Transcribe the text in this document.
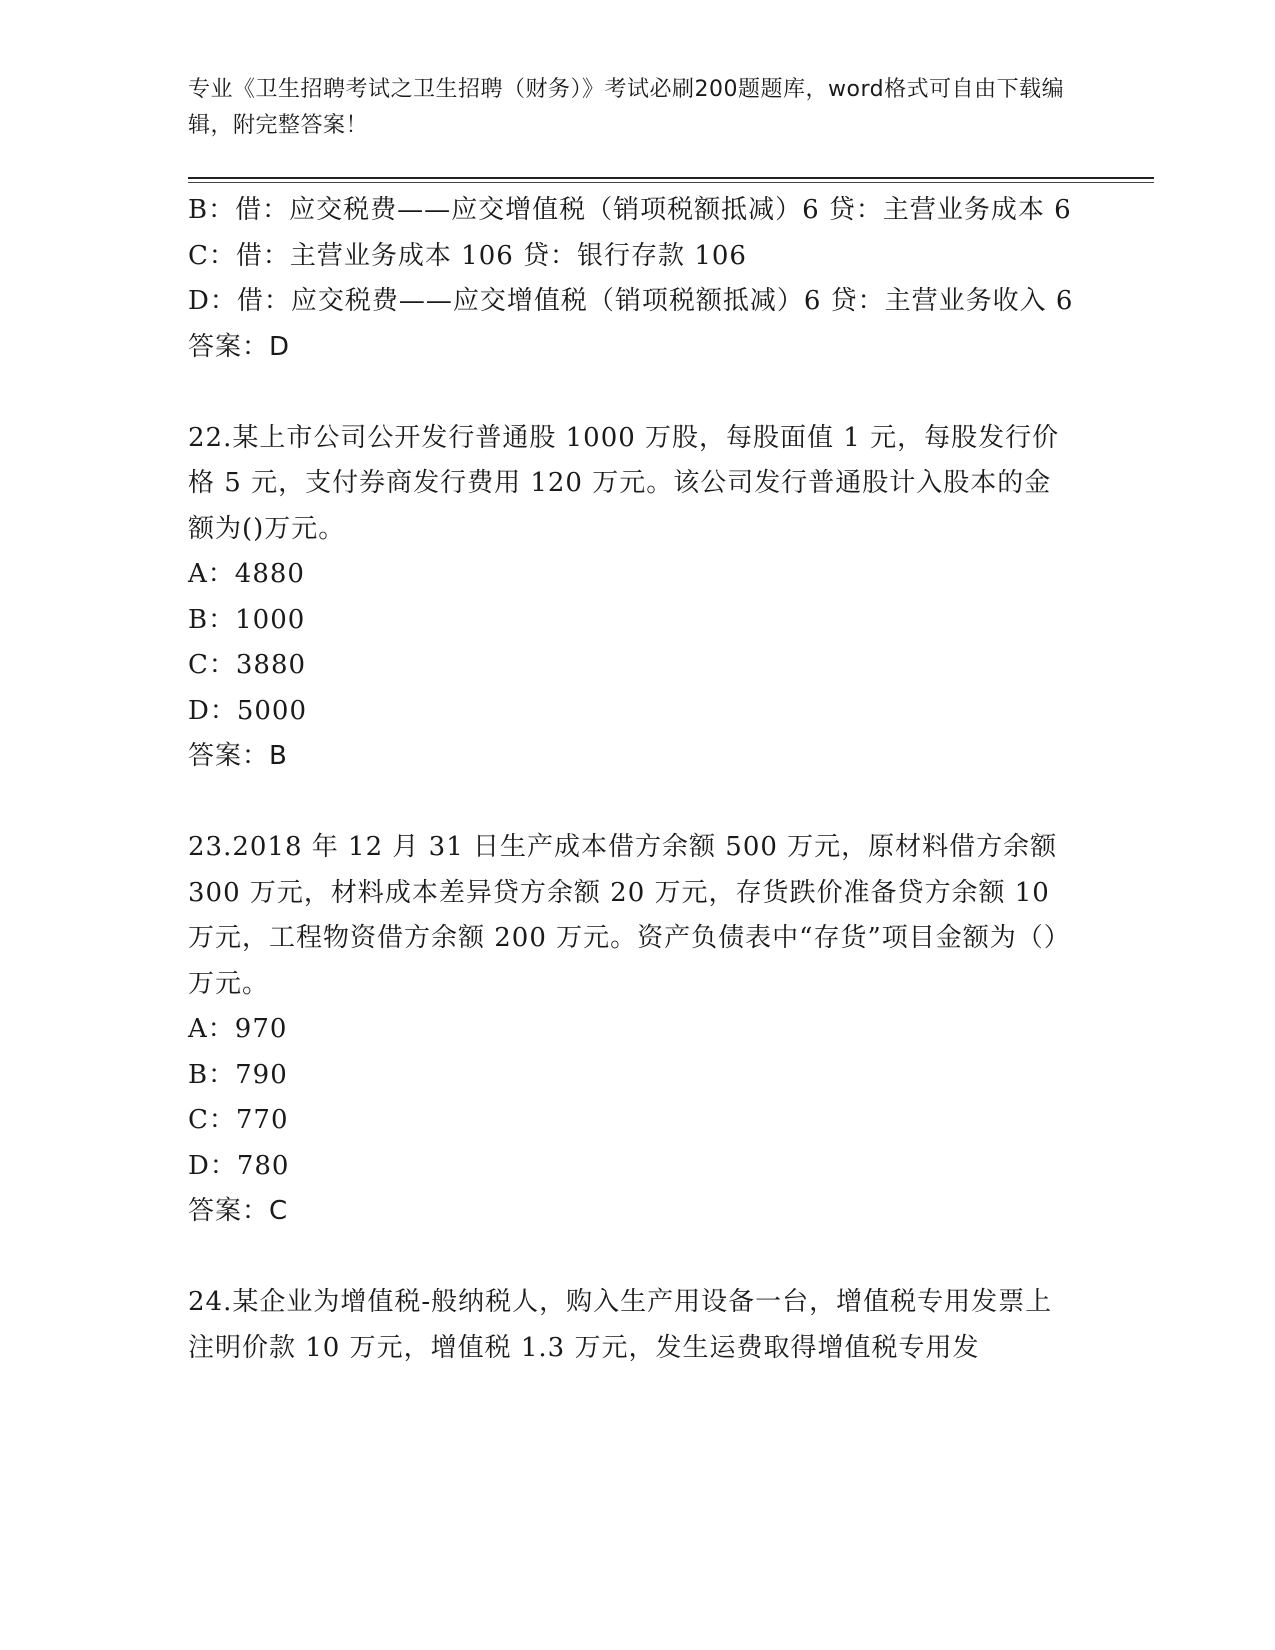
专业《卫生招聘考试之卫生招聘（财务）》考试必刷200题题库，word格式可自由下载编辑，附完整答案！

B：借：应交税费——应交增值税（销项税额抵减）6 贷：主营业务成本 6

C：借：主营业务成本 106 贷：银行存款 106

D：借：应交税费——应交增值税（销项税额抵减）6 贷：主营业务收入 6

答案：D

22.某上市公司公开发行普通股 1000 万股，每股面值 1 元，每股发行价格 5 元，支付券商发行费用 120 万元。该公司发行普通股计入股本的金额为()万元。

A：4880

B：1000

C：3880

D：5000

答案：B

23.2018 年 12 月 31 日生产成本借方余额 500 万元，原材料借方余额 300 万元，材料成本差异贷方余额 20 万元，存货跌价准备贷方余额 10 万元，工程物资借方余额 200 万元。资产负债表中“存货”项目金额为（）万元。

A：970

B：790

C：770

D：780

答案：C

24.某企业为增值税-般纳税人，购入生产用设备一台，增值税专用发票上注明价款 10 万元，增值税 1.3 万元，发生运费取得增值税专用发
